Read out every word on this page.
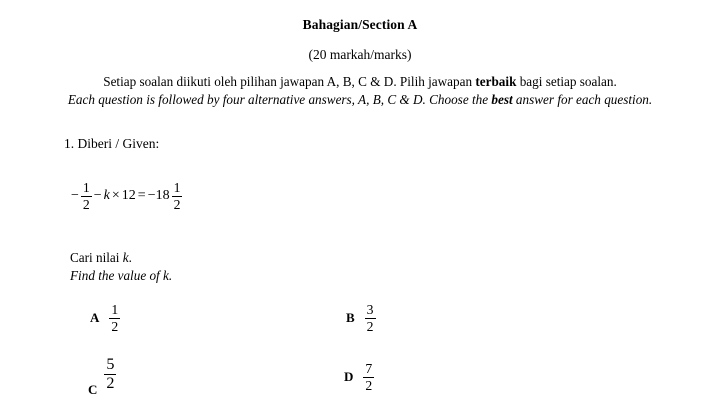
Bahagian/Section A
(20 markah/marks)
Setiap soalan diikuti oleh pilihan jawapan A, B, C & D. Pilih jawapan terbaik bagi setiap soalan.
Each question is followed by four alternative answers, A, B, C & D. Choose the best answer for each question.
1. Diberi / Given:
− $\frac{1}{2} - k \times 12 = -18 \frac{1}{2}$
Cari nilai k.
Find the value of k.
A $\frac{1}{2}$	B $\frac{3}{2}$
C $\frac{5}{2}$	D $\frac{7}{2}$
